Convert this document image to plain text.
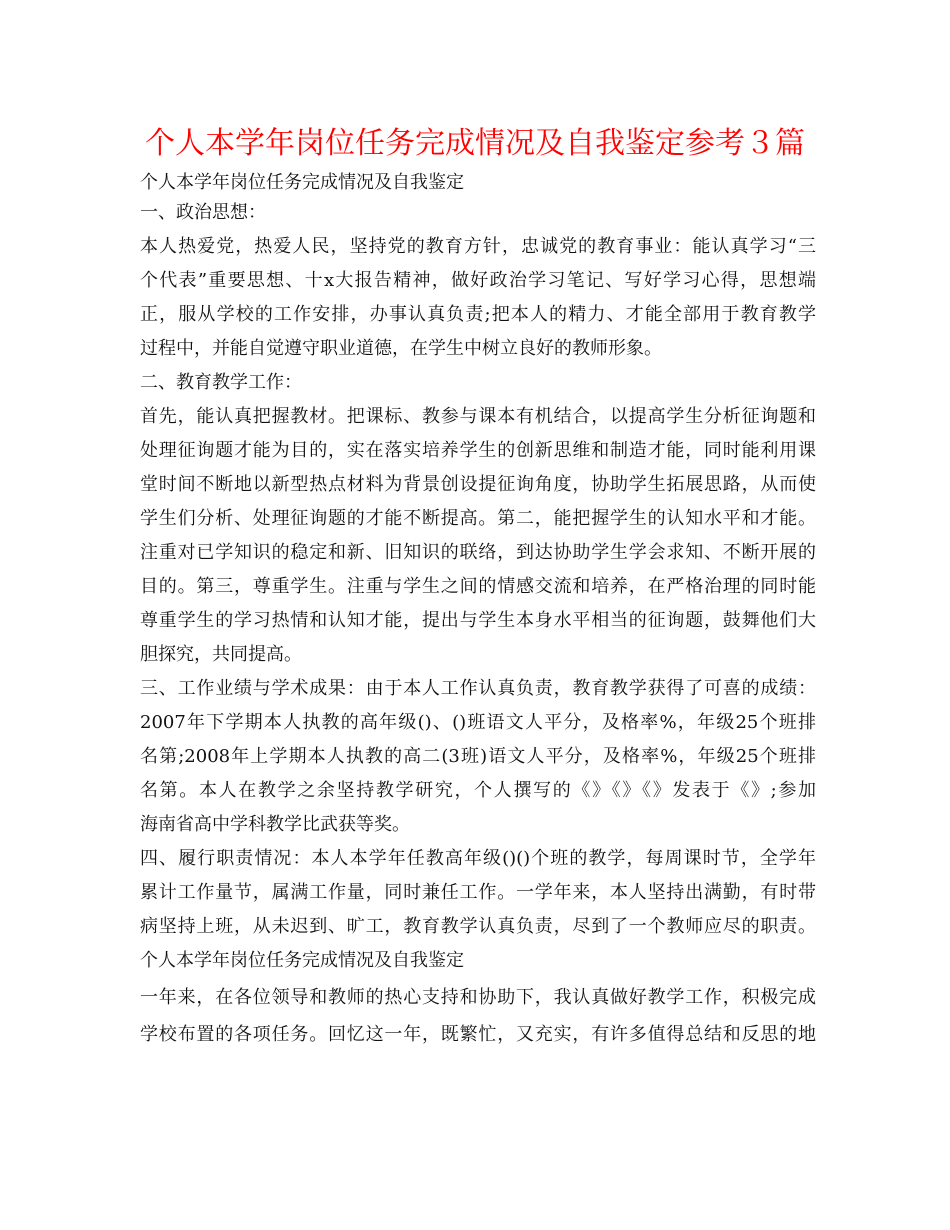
个人本学年岗位任务完成情况及自我鉴定参考３篇
个人本学年岗位任务完成情况及自我鉴定
一、政治思想：
本人热爱党，热爱人民，坚持党的教育方针，忠诚党的教育事业：能认真学习“三
个代表”重要思想、十x大报告精神，做好政治学习笔记、写好学习心得，思想端
正，服从学校的工作安排，办事认真负责;把本人的精力、才能全部用于教育教学
过程中，并能自觉遵守职业道德，在学生中树立良好的教师形象。
二、教育教学工作：
首先，能认真把握教材。把课标、教参与课本有机结合，以提高学生分析征询题和
处理征询题才能为目的，实在落实培养学生的创新思维和制造才能，同时能利用课
堂时间不断地以新型热点材料为背景创设提征询角度，协助学生拓展思路，从而使
学生们分析、处理征询题的才能不断提高。第二，能把握学生的认知水平和才能。
注重对已学知识的稳定和新、旧知识的联络，到达协助学生学会求知、不断开展的
目的。第三，尊重学生。注重与学生之间的情感交流和培养，在严格治理的同时能
尊重学生的学习热情和认知才能，提出与学生本身水平相当的征询题，鼓舞他们大
胆探究，共同提高。
三、工作业绩与学术成果：由于本人工作认真负责，教育教学获得了可喜的成绩：
2007年下学期本人执教的高年级()、()班语文人平分，及格率%，年级25个班排
名第;2008年上学期本人执教的高二(3班)语文人平分，及格率%，年级25个班排
名第。本人在教学之余坚持教学研究，个人撰写的《》《》《》发表于《》;参加
海南省高中学科教学比武获等奖。
四、履行职责情况：本人本学年任教高年级()()个班的教学，每周课时节，全学年
累计工作量节，属满工作量，同时兼任工作。一学年来，本人坚持出满勤，有时带
病坚持上班，从未迟到、旷工，教育教学认真负责，尽到了一个教师应尽的职责。
个人本学年岗位任务完成情况及自我鉴定
一年来，在各位领导和教师的热心支持和协助下，我认真做好教学工作，积极完成
学校布置的各项任务。回忆这一年，既繁忙，又充实，有许多值得总结和反思的地
